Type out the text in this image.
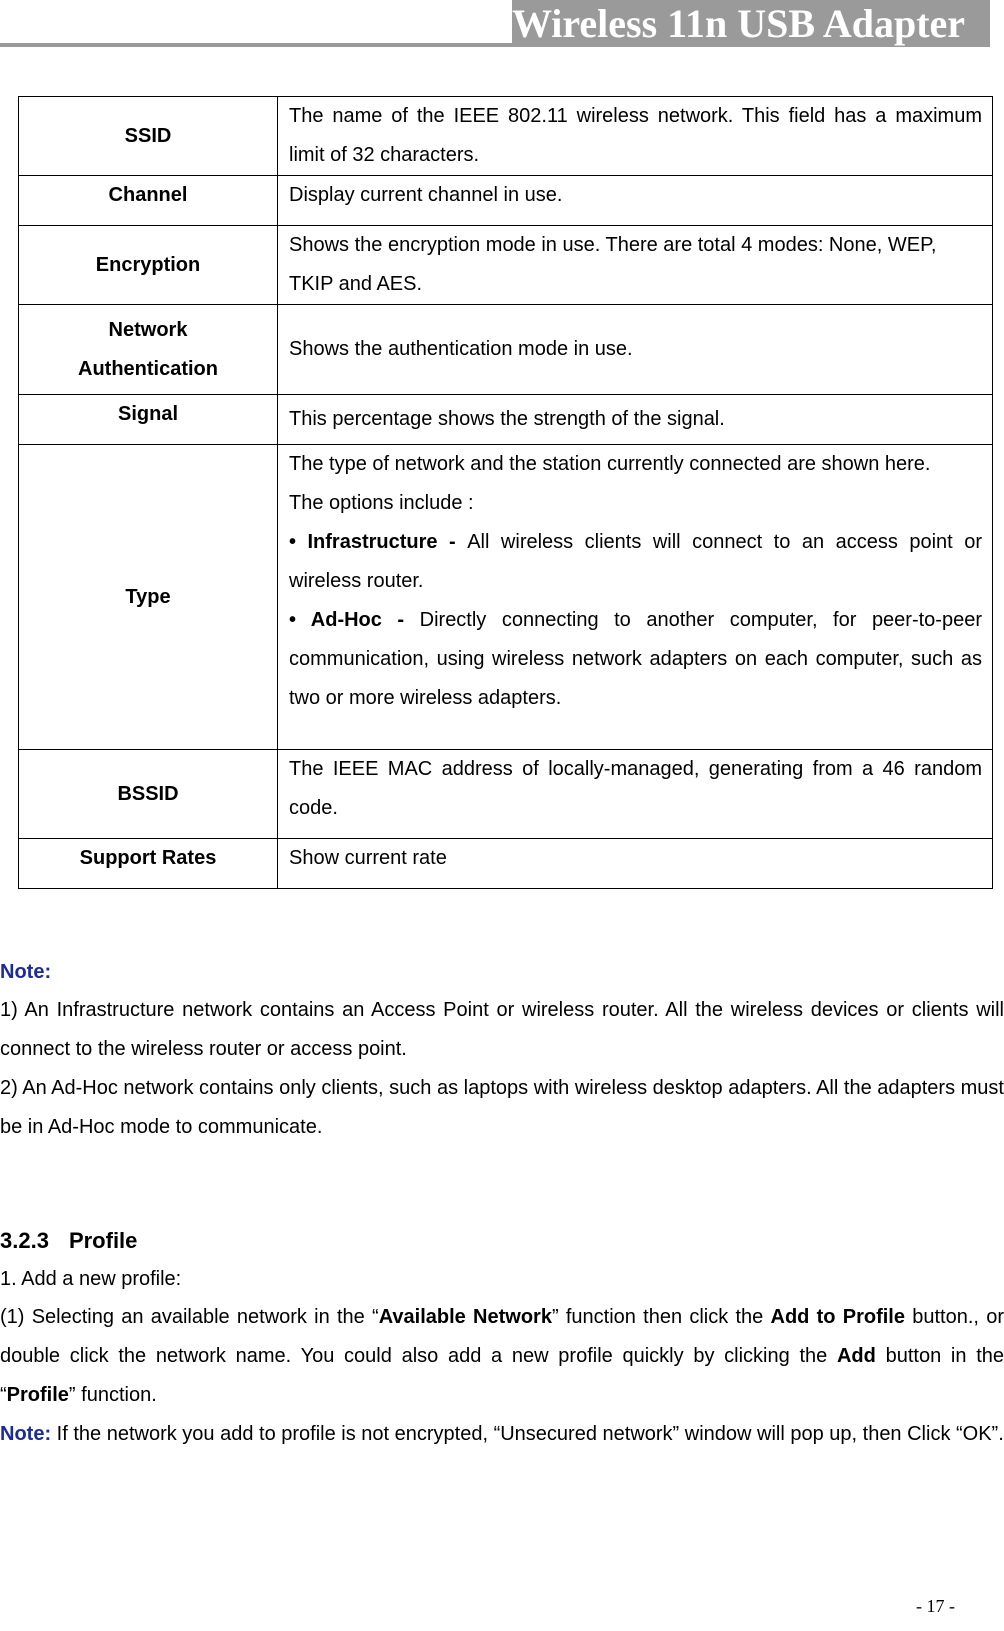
Wireless 11n USB Adapter
SSID	The name of the IEEE 802.11 wireless network. This field has a maximum limit of 32 characters.
Channel	Display current channel in use.
Encryption	Shows the encryption mode in use. There are total 4 modes: None, WEP, TKIP and AES.

Network
Authentication	Shows the authentication mode in use.
Signal	This percentage shows the strength of the signal.
Type	The type of network and the station currently connected are shown here.
The options include :
• Infrastructure - All wireless clients will connect to an access point or wireless router.
• Ad-Hoc - Directly connecting to another computer, for peer-to-peer communication, using wireless network adapters on each computer, such as two or more wireless adapters.

BSSID	The IEEE MAC address of locally-managed, generating from a 46 random code.
Support Rates	Show current rate
Note:
1) An Infrastructure network contains an Access Point or wireless router. All the wireless devices or clients will connect to the wireless router or access point.
2) An Ad-Hoc network contains only clients, such as laptops with wireless desktop adapters. All the adapters must be in Ad-Hoc mode to communicate.
3.2.3 Profile
1. Add a new profile:
(1) Selecting an available network in the “Available Network” function then click the Add to Profile button., or double click the network name. You could also add a new profile quickly by clicking the Add button in the “Profile” function.
Note: If the network you add to profile is not encrypted, “Unsecured network” window will pop up, then Click “OK”.
- 17 -
